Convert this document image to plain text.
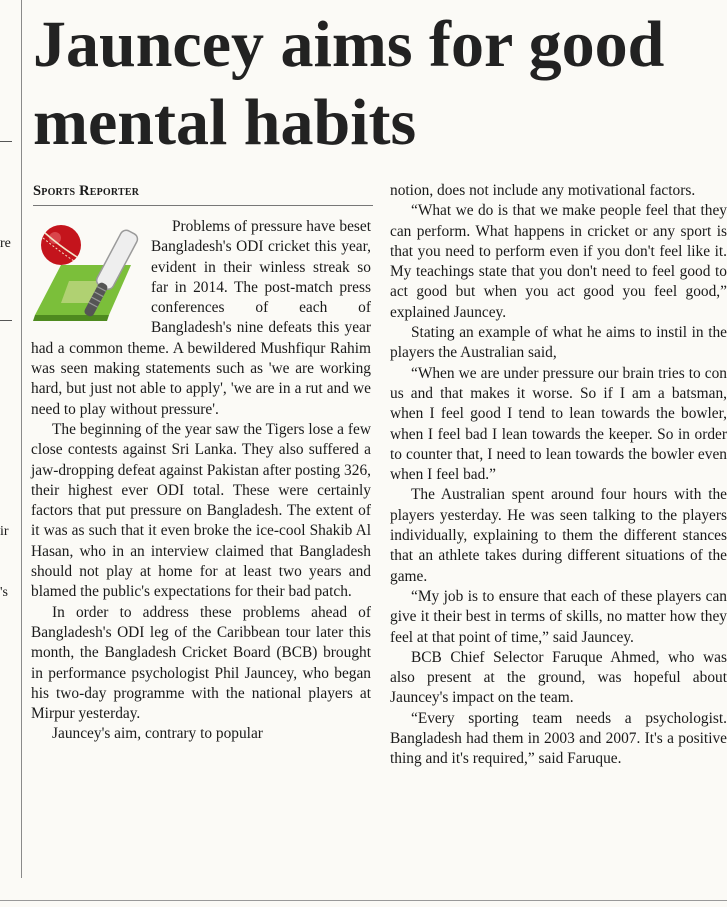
re
ir
's
Jauncey aims for good
mental habits
Sports Reporter

Problems of pressure have beset Bangladesh's ODI cricket this year, evident in their winless streak so far in 2014. The post-match press conferences of each of Bangladesh's nine defeats this year had a common theme. A bewildered Mushfiqur Rahim was seen making statements such as 'we are working hard, but just not able to apply', 'we are in a rut and we need to play without pressure'.

The beginning of the year saw the Tigers lose a few close contests against Sri Lanka. They also suffered a jaw-dropping defeat against Pakistan after posting 326, their highest ever ODI total. These were certainly factors that put pressure on Bangladesh. The extent of it was as such that it even broke the ice-cool Shakib Al Hasan, who in an interview claimed that Bangladesh should not play at home for at least two years and blamed the public's expectations for their bad patch.

In order to address these problems ahead of Bangladesh's ODI leg of the Caribbean tour later this month, the Bangladesh Cricket Board (BCB) brought in performance psychologist Phil Jauncey, who began his two-day programme with the national players at Mirpur yesterday.

Jauncey's aim, contrary to popular

notion, does not include any motivational factors.

“What we do is that we make people feel that they can perform. What happens in cricket or any sport is that you need to perform even if you don't feel like it. My teachings state that you don't need to feel good to act good but when you act good you feel good,” explained Jauncey.

Stating an example of what he aims to instil in the players the Australian said,

“When we are under pressure our brain tries to con us and that makes it worse. So if I am a batsman, when I feel good I tend to lean towards the bowler, when I feel bad I lean towards the keeper. So in order to counter that, I need to lean towards the bowler even when I feel bad.”

The Australian spent around four hours with the players yesterday. He was seen talking to the players individually, explaining to them the different stances that an athlete takes during different situations of the game.

“My job is to ensure that each of these players can give it their best in terms of skills, no matter how they feel at that point of time,” said Jauncey.

BCB Chief Selector Faruque Ahmed, who was also present at the ground, was hopeful about Jauncey's impact on the team.

“Every sporting team needs a psychologist. Bangladesh had them in 2003 and 2007. It's a positive thing and it's required,” said Faruque.
